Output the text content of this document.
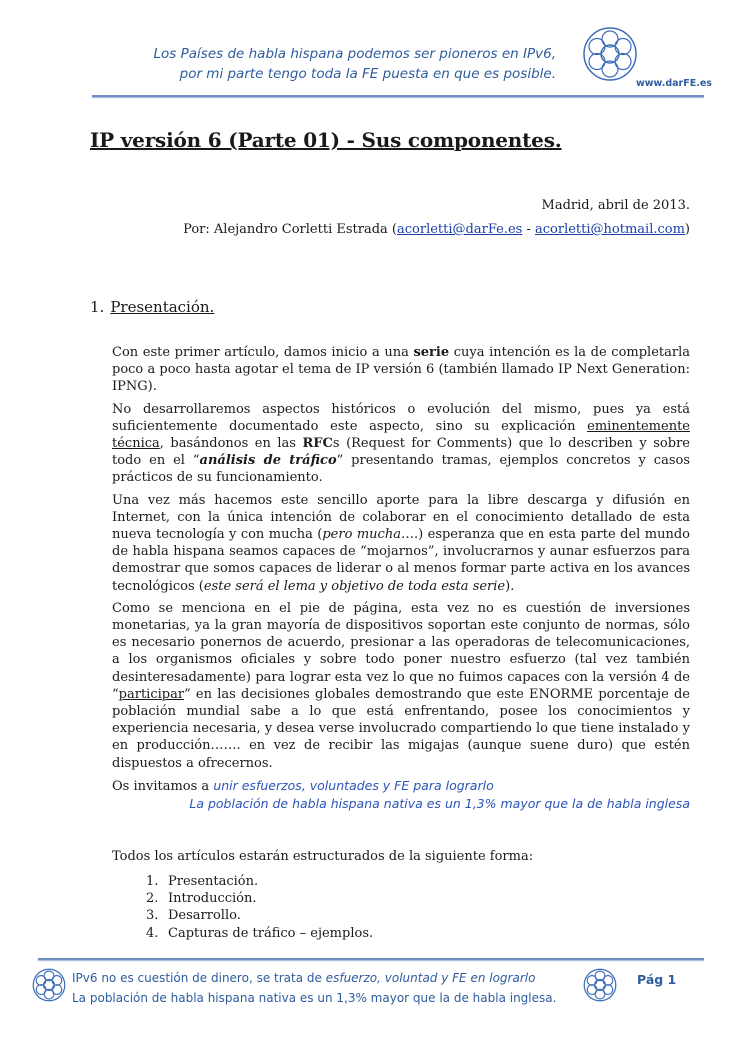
Los Países de habla hispana podemos ser pioneros en IPv6,
por mi parte tengo toda la FE puesta en que es posible.
www.darFE.es
IP versión 6 (Parte 01) - Sus componentes.
Madrid, abril de 2013.
Por: Alejandro Corletti Estrada (acorletti@darFe.es - acorletti@hotmail.com)
1. Presentación.

Con este primer artículo, damos inicio a una serie cuya intención es la de completarla poco a poco hasta agotar el tema de IP versión 6 (también llamado IP Next Generation: IPNG).

No desarrollaremos aspectos históricos o evolución del mismo, pues ya está suficientemente documentado este aspecto, sino su explicación eminentemente técnica, basándonos en las RFCs (Request for Comments) que lo describen y sobre todo en el “análisis de tráfico” presentando tramas, ejemplos concretos y casos prácticos de su funcionamiento.

Una vez más hacemos este sencillo aporte para la libre descarga y difusión en Internet, con la única intención de colaborar en el conocimiento detallado de esta nueva tecnología y con mucha (pero mucha….) esperanza que en esta parte del mundo de habla hispana seamos capaces de “mojarnos”, involucrarnos y aunar esfuerzos para demostrar que somos capaces de liderar o al menos formar parte activa en los avances tecnológicos (este será el lema y objetivo de toda esta serie).

Como se menciona en el pie de página, esta vez no es cuestión de inversiones monetarias, ya la gran mayoría de dispositivos soportan este conjunto de normas, sólo es necesario ponernos de acuerdo, presionar a las operadoras de telecomunicaciones, a los organismos oficiales y sobre todo poner nuestro esfuerzo (tal vez también desinteresadamente) para lograr esta vez lo que no fuimos capaces con la versión 4 de “participar” en las decisiones globales demostrando que este ENORME porcentaje de población mundial sabe a lo que está enfrentando, posee los conocimientos y experiencia necesaria, y desea verse involucrado compartiendo lo que tiene instalado y en producción……. en vez de recibir las migajas (aunque suene duro) que estén dispuestos a ofrecernos.

Os invitamos a unir esfuerzos, voluntades y FE para lograrlo

La población de habla hispana nativa es un 1,3% mayor que la de habla inglesa

Todos los artículos estarán estructurados de la siguiente forma:

1. Presentación.
2. Introducción.
3. Desarrollo.
4. Capturas de tráfico – ejemplos.
IPv6 no es cuestión de dinero, se trata de esfuerzo, voluntad y FE en lograrlo
La población de habla hispana nativa es un 1,3% mayor que la de habla inglesa.
Pág 1
